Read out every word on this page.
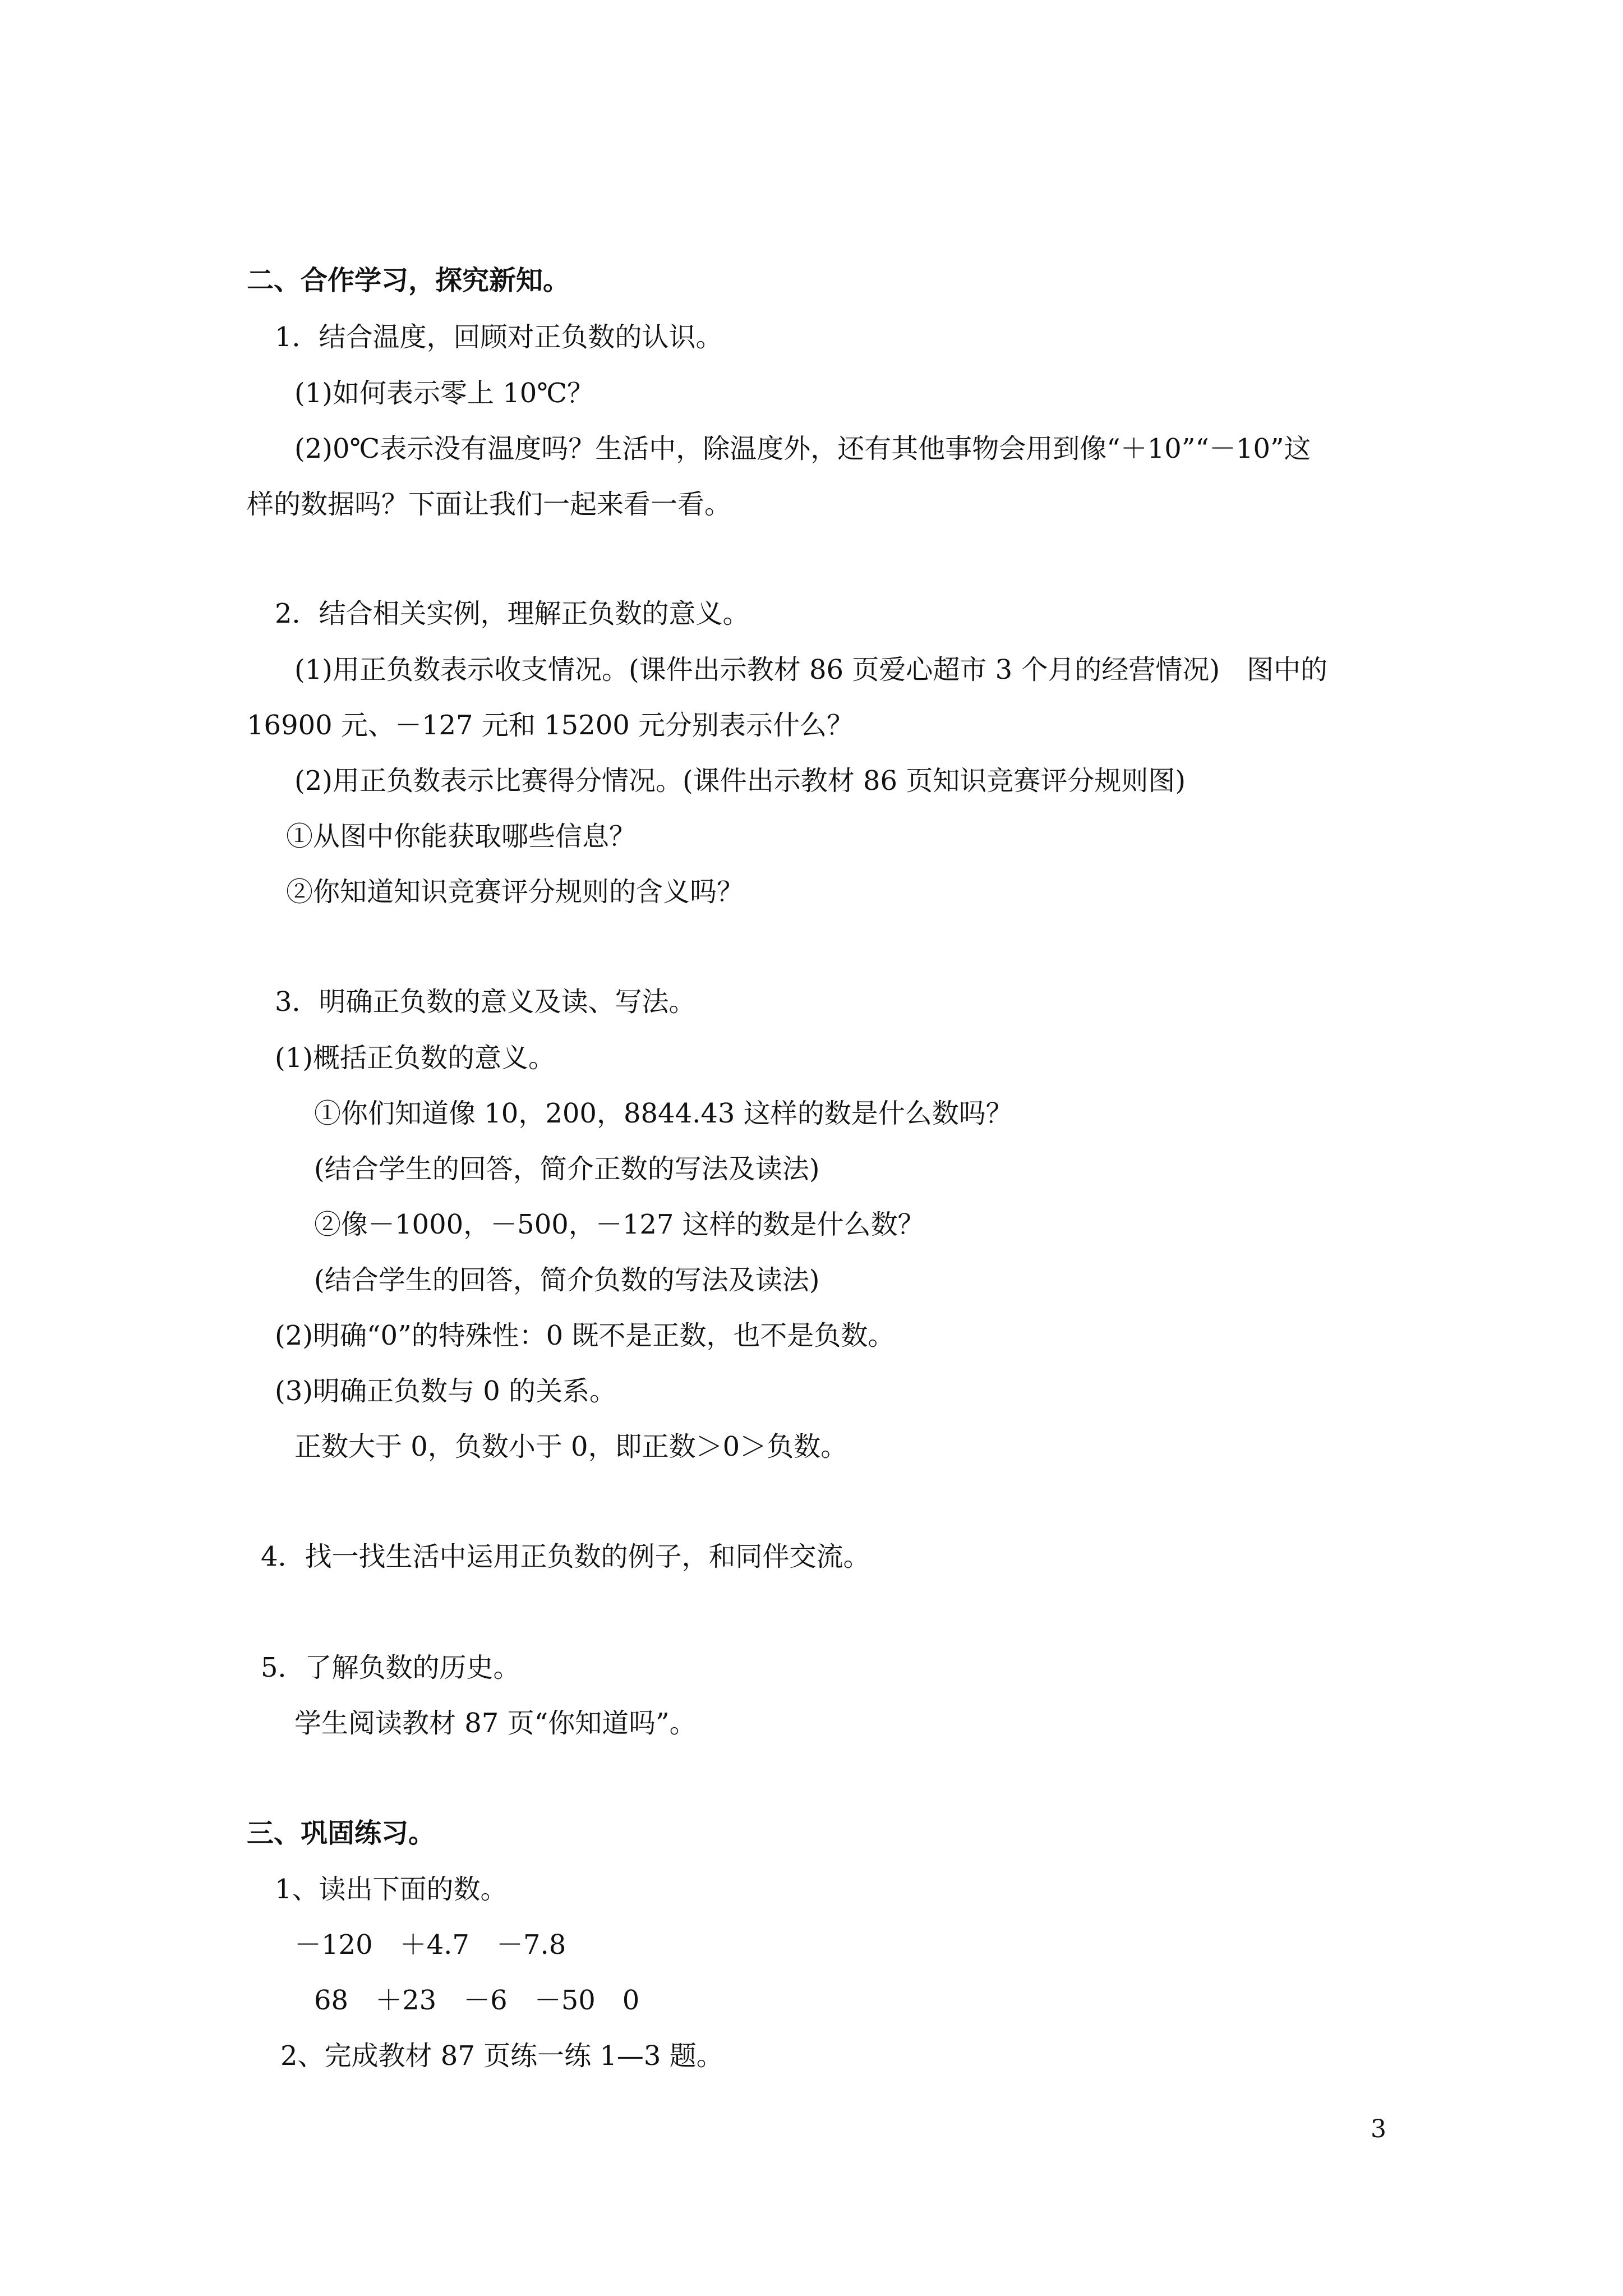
二、合作学习，探究新知。

1．结合温度，回顾对正负数的认识。

(1)如何表示零上 10℃？

(2)0℃表示没有温度吗？生活中，除温度外，还有其他事物会用到像“＋10”“－10”这

样的数据吗？下面让我们一起来看一看。

2．结合相关实例，理解正负数的意义。

(1)用正负数表示收支情况。(课件出示教材 86 页爱心超市 3 个月的经营情况)　图中的

16900 元、－127 元和 15200 元分别表示什么？

(2)用正负数表示比赛得分情况。(课件出示教材 86 页知识竞赛评分规则图)

①从图中你能获取哪些信息？

②你知道知识竞赛评分规则的含义吗？

3．明确正负数的意义及读、写法。

(1)概括正负数的意义。

①你们知道像 10，200，8844.43 这样的数是什么数吗？

(结合学生的回答，简介正数的写法及读法)

②像－1000，－500，－127 这样的数是什么数？

(结合学生的回答，简介负数的写法及读法)

(2)明确“0”的特殊性：0 既不是正数，也不是负数。

(3)明确正负数与 0 的关系。

正数大于 0，负数小于 0，即正数＞0＞负数。

4．找一找生活中运用正负数的例子，和同伴交流。

5．了解负数的历史。

学生阅读教材 87 页“你知道吗”。

三、巩固练习。

1、读出下面的数。

－120　＋4.7　－7.8

68　＋23　－6　－50　0

2、完成教材 87 页练一练 1—3 题。

3
